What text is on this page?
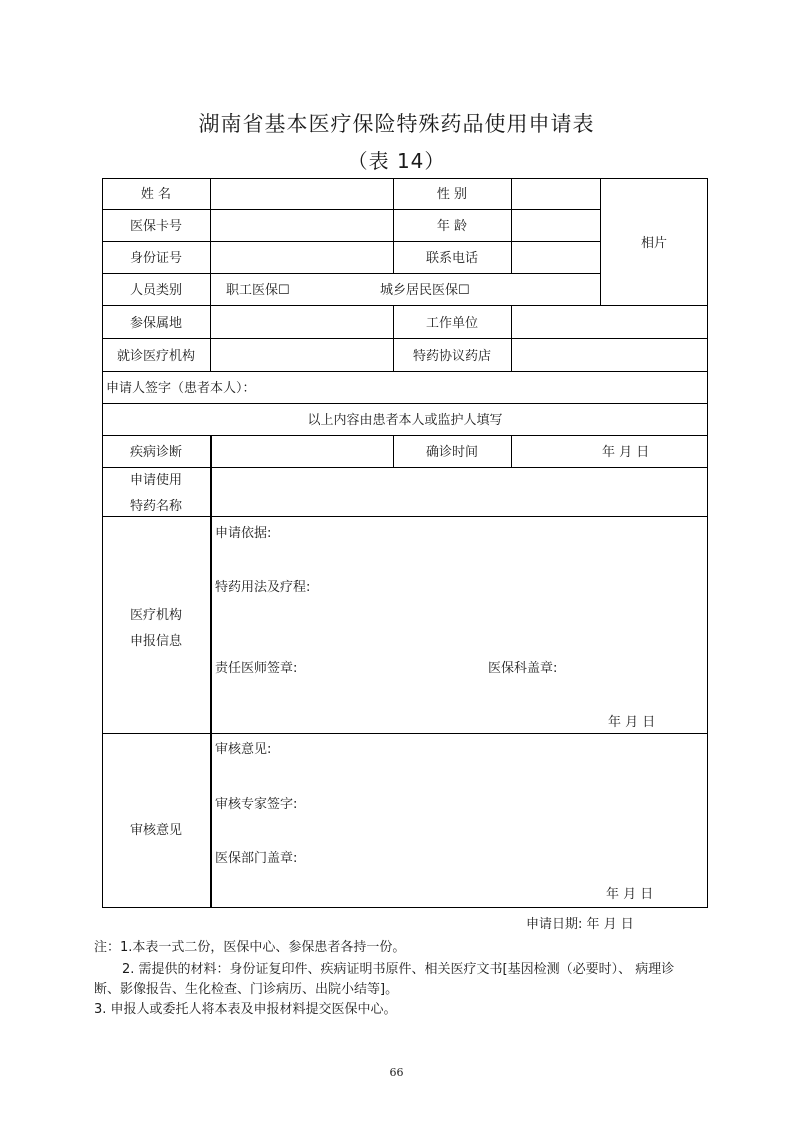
湖南省基本医疗保险特殊药品使用申请表
（表 14）
姓 名	性 别
医保卡号	年 龄
身份证号	联系电话
相片
人员类别	职工医保☐	城乡居民医保☐
参保属地	工作单位
就诊医疗机构	特药协议药店
申请人签字（患者本人）：
以上内容由患者本人或监护人填写
疾病诊断	确诊时间	年 月 日
申请使用
特药名称
医疗机构
申报信息
申请依据:
特药用法及疗程:
责任医师签章:	医保科盖章:
年 月 日
审核意见
审核意见:
审核专家签字:
医保部门盖章:
年 月 日
申请日期: 年 月 日
注：1.本表一式二份，医保中心、参保患者各持一份。
2. 需提供的材料：身份证复印件、疾病证明书原件、相关医疗文书[基因检测（必要时）、 病理诊
断、影像报告、生化检查、门诊病历、出院小结等]。
3. 申报人或委托人将本表及申报材料提交医保中心。
66
